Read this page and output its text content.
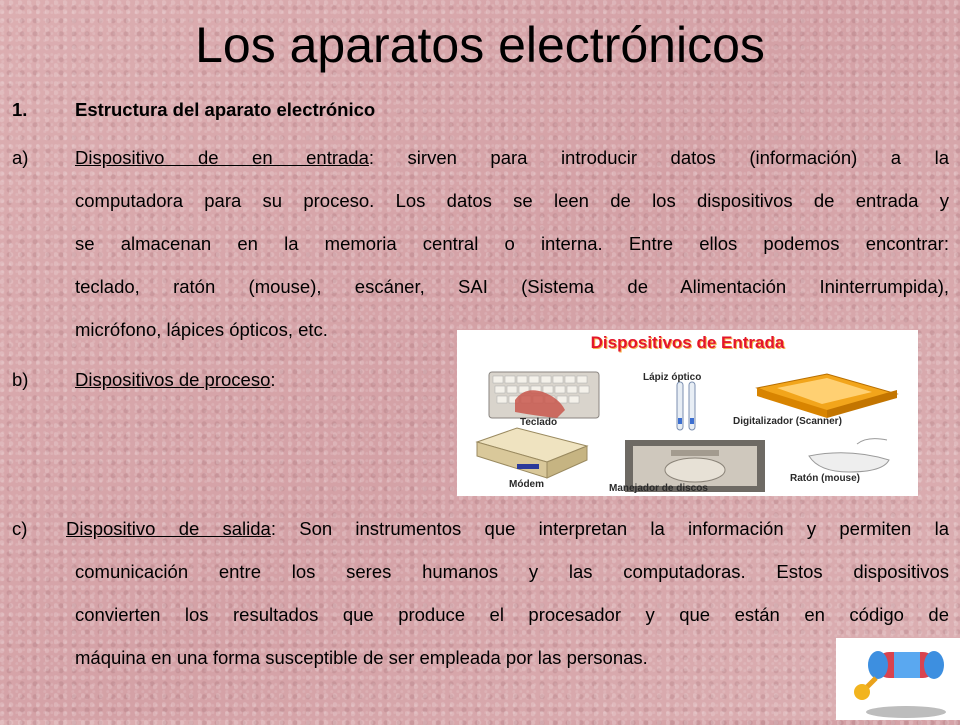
Los aparatos electrónicos
1.	Estructura del aparato electrónico
a)	Dispositivo de en entrada: sirven para introducir datos (información) a la
computadora para su proceso. Los datos se leen de los dispositivos de entrada y
se almacenan en la memoria central o interna. Entre ellos podemos encontrar:
teclado, ratón (mouse), escáner, SAI (Sistema de Alimentación Ininterrumpida),
micrófono, lápices ópticos, etc.
b)	Dispositivos de proceso:
Dispositivos de Entrada
Teclado
Lápiz óptico
Digitalizador (Scanner)
Módem	Manejador de discos
Ratón (mouse)
c) Dispositivo de salida: Son instrumentos que interpretan la información y permiten la
comunicación entre los seres humanos y las computadoras. Estos dispositivos
convierten los resultados que produce el procesador y que están en código de
máquina en una forma susceptible de ser empleada por las personas.
